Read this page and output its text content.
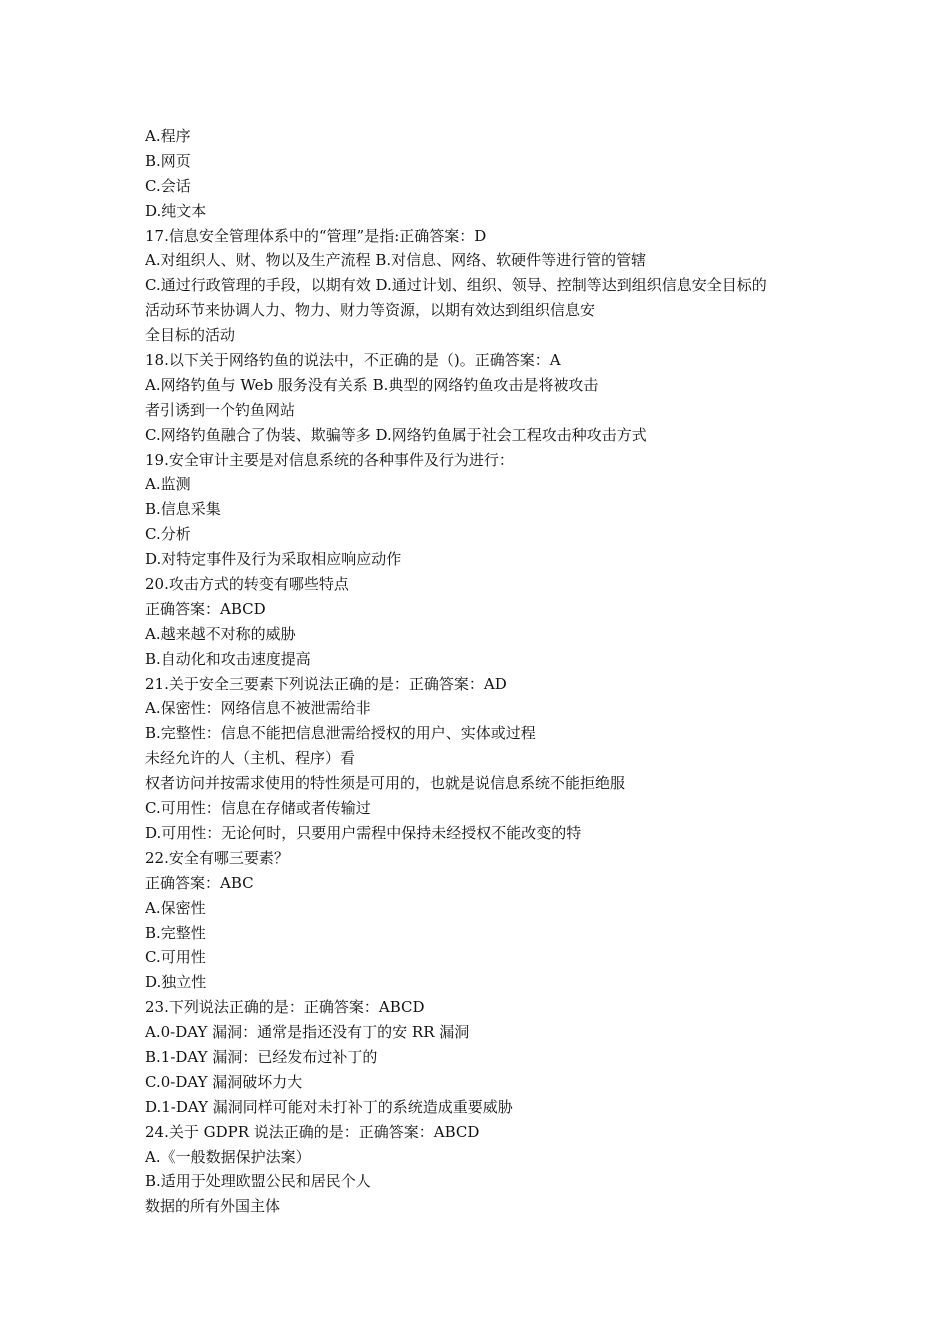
A.程序
B.网页
C.会话
D.纯文本
17.信息安全管理体系中的“管理”是指:正确答案：D
A.对组织人、财、物以及生产流程 B.对信息、网络、软硬件等进行管的管辖
C.通过行政管理的手段，以期有效 D.通过计划、组织、领导、控制等达到组织信息安全目标的
活动环节来协调人力、物力、财力等资源，以期有效达到组织信息安
全目标的活动
18.以下关于网络钓鱼的说法中，不正确的是（)。正确答案：A
A.网络钓鱼与 Web 服务没有关系 B.典型的网络钓鱼攻击是将被攻击
者引诱到一个钓鱼网站
C.网络钓鱼融合了伪装、欺骗等多 D.网络钓鱼属于社会工程攻击种攻击方式
19.安全审计主要是对信息系统的各种事件及行为进行：
A.监测
B.信息采集
C.分析
D.对特定事件及行为采取相应响应动作
20.攻击方式的转变有哪些特点
正确答案：ABCD
A.越来越不对称的威胁
B.自动化和攻击速度提高
21.关于安全三要素下列说法正确的是：正确答案：AD
A.保密性：网络信息不被泄需给非
B.完整性：信息不能把信息泄需给授权的用户、实体或过程
未经允许的人（主机、程序）看
权者访问并按需求使用的特性须是可用的，也就是说信息系统不能拒绝服
C.可用性：信息在存储或者传输过
D.可用性：无论何时，只要用户需程中保持未经授权不能改变的特
22.安全有哪三要素？
正确答案：ABC
A.保密性
B.完整性
C.可用性
D.独立性
23.下列说法正确的是：正确答案：ABCD
A.0-DAY 漏洞：通常是指还没有丁的安 RR 漏洞
B.1-DAY 漏洞：已经发布过补丁的
C.0-DAY 漏洞破坏力大
D.1-DAY 漏洞同样可能对未打补丁的系统造成重要威胁
24.关于 GDPR 说法正确的是：正确答案：ABCD
A.《一般数据保护法案）
B.适用于处理欧盟公民和居民个人
数据的所有外国主体
